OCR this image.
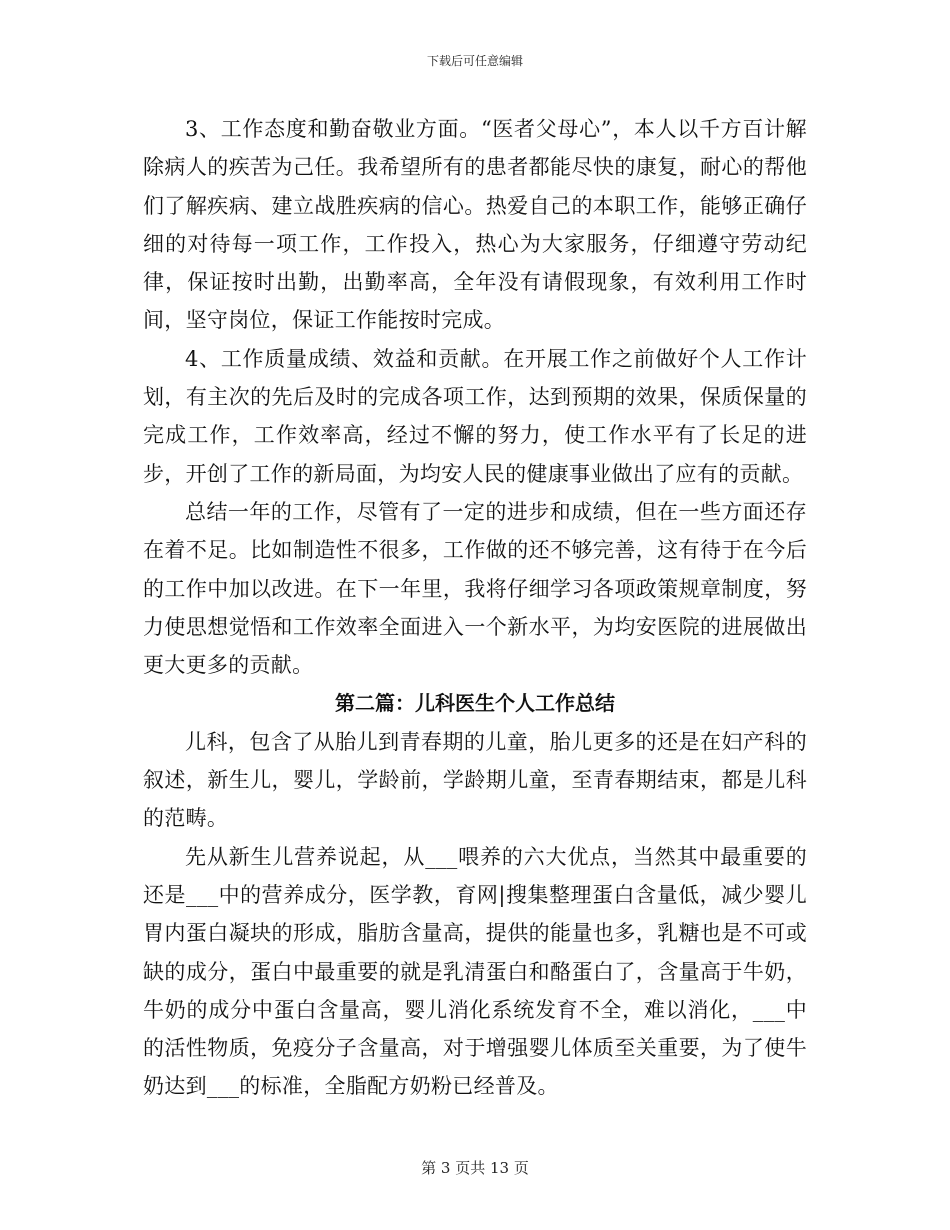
下载后可任意编辑

3、工作态度和勤奋敬业方面。“医者父母心”，本人以千方百计解除病人的疾苦为己任。我希望所有的患者都能尽快的康复，耐心的帮他们了解疾病、建立战胜疾病的信心。热爱自己的本职工作，能够正确仔细的对待每一项工作，工作投入，热心为大家服务，仔细遵守劳动纪律，保证按时出勤，出勤率高，全年没有请假现象，有效利用工作时间，坚守岗位，保证工作能按时完成。

4、工作质量成绩、效益和贡献。在开展工作之前做好个人工作计划，有主次的先后及时的完成各项工作，达到预期的效果，保质保量的完成工作，工作效率高，经过不懈的努力，使工作水平有了长足的进步，开创了工作的新局面，为均安人民的健康事业做出了应有的贡献。

总结一年的工作，尽管有了一定的进步和成绩，但在一些方面还存在着不足。比如制造性不很多，工作做的还不够完善，这有待于在今后的工作中加以改进。在下一年里，我将仔细学习各项政策规章制度，努力使思想觉悟和工作效率全面进入一个新水平，为均安医院的进展做出更大更多的贡献。

第二篇：儿科医生个人工作总结

儿科，包含了从胎儿到青春期的儿童，胎儿更多的还是在妇产科的叙述，新生儿，婴儿，学龄前，学龄期儿童，至青春期结束，都是儿科的范畴。

先从新生儿营养说起，从___喂养的六大优点，当然其中最重要的还是___中的营养成分，医学教，育网|搜集整理蛋白含量低，减少婴儿胃内蛋白凝块的形成，脂肪含量高，提供的能量也多，乳糖也是不可或缺的成分，蛋白中最重要的就是乳清蛋白和酪蛋白了，含量高于牛奶，牛奶的成分中蛋白含量高，婴儿消化系统发育不全，难以消化，___中的活性物质，免疫分子含量高，对于增强婴儿体质至关重要，为了使牛奶达到___的标准，全脂配方奶粉已经普及。

第 3 页共 13 页
